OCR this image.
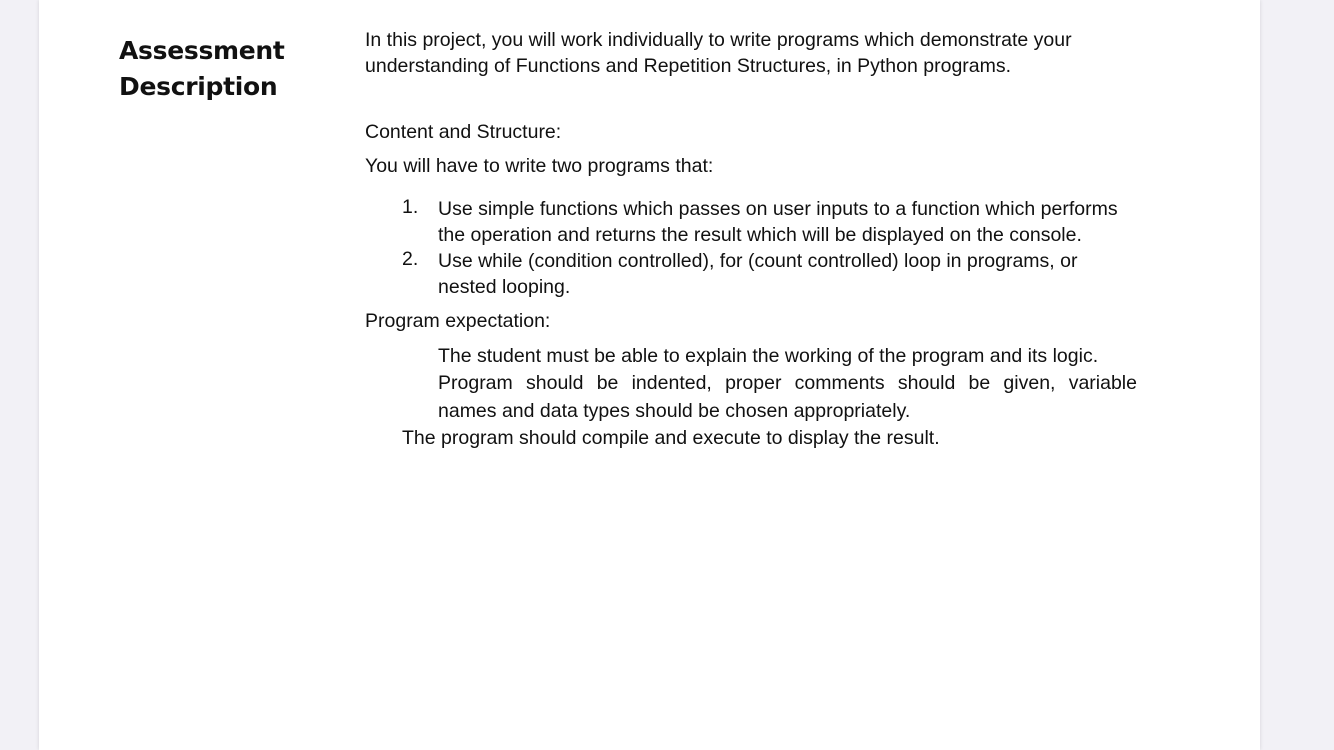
Assessment
Description

In this project, you will work individually to write programs which demonstrate your

understanding of Functions and Repetition Structures, in Python programs.

Content and Structure:

You will have to write two programs that:

1. Use simple functions which passes on user inputs to a function which performs

the operation and returns the result which will be displayed on the console.

2. Use while (condition controlled), for (count controlled) loop in programs, or

nested looping.

Program expectation:

The student must be able to explain the working of the program and its logic.

Program should be indented, proper comments should be given, variable

names and data types should be chosen appropriately.

The program should compile and execute to display the result.
